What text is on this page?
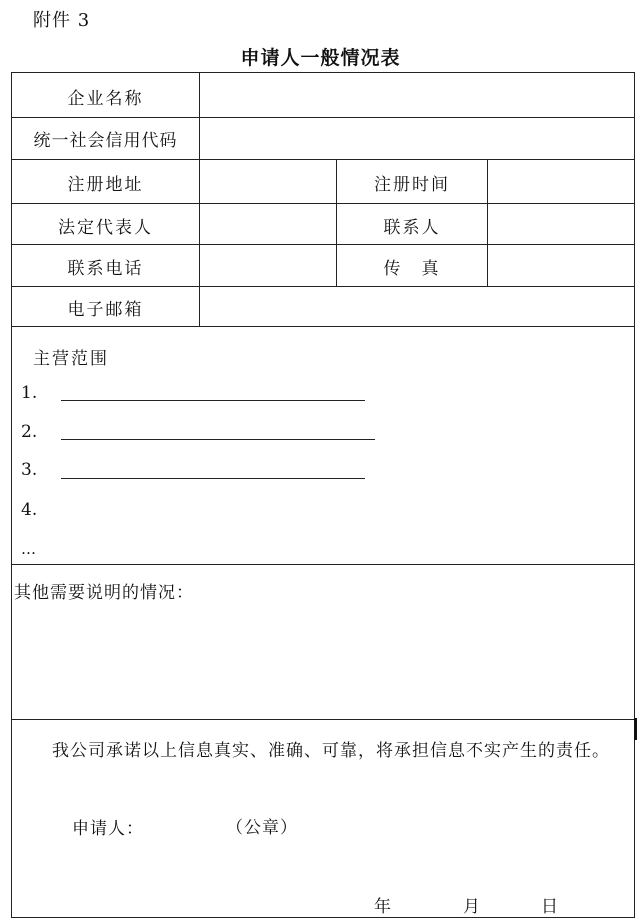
附件 3
申请人一般情况表
企业名称
统一社会信用代码
注册地址	注册时间
法定代表人	联系人
联系电话	传　真
电子邮箱
主营范围
1.
2.
3.
4.
…
其他需要说明的情况：
我公司承诺以上信息真实、准确、可靠，将承担信息不实产生的责任。
申请人：	（公章）
年	月	日
